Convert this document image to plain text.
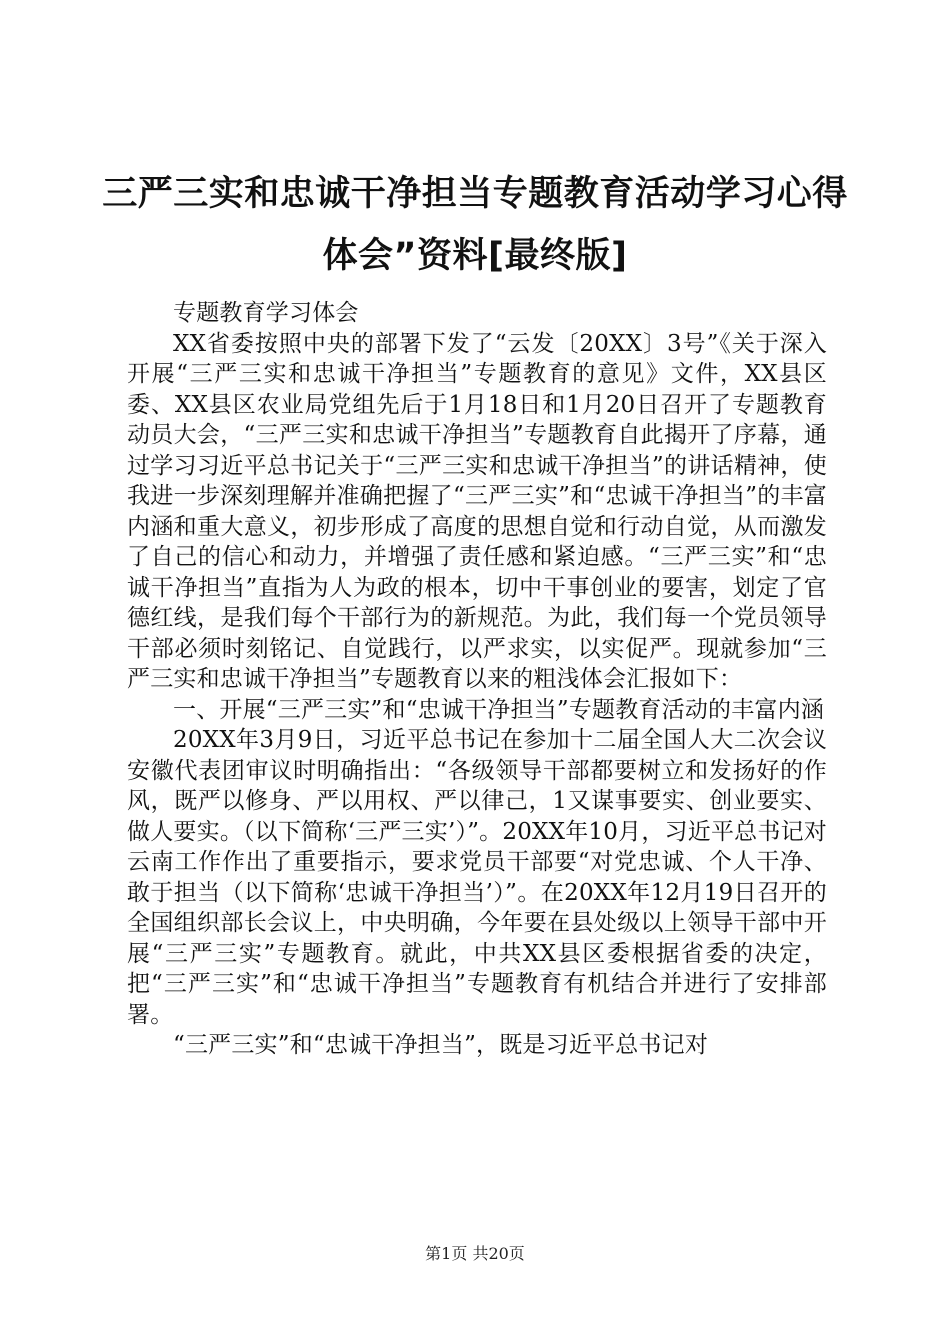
三严三实和忠诚干净担当专题教育活动学习心得体会”资料[最终版]

专题教育学习体会

XX省委按照中央的部署下发了“云发〔20XX〕3号”《关于深入开展“三严三实和忠诚干净担当”专题教育的意见》文件，XX县区委、XX县区农业局党组先后于1月18日和1月20日召开了专题教育动员大会，“三严三实和忠诚干净担当”专题教育自此揭开了序幕，通过学习习近平总书记关于“三严三实和忠诚干净担当”的讲话精神，使我进一步深刻理解并准确把握了“三严三实”和“忠诚干净担当”的丰富内涵和重大意义，初步形成了高度的思想自觉和行动自觉，从而激发了自己的信心和动力，并增强了责任感和紧迫感。“三严三实”和“忠诚干净担当”直指为人为政的根本，切中干事创业的要害，划定了官德红线，是我们每个干部行为的新规范。为此，我们每一个党员领导干部必须时刻铭记、自觉践行，以严求实，以实促严。现就参加“三严三实和忠诚干净担当”专题教育以来的粗浅体会汇报如下：

一、开展“三严三实”和“忠诚干净担当”专题教育活动的丰富内涵

20XX年3月9日，习近平总书记在参加十二届全国人大二次会议安徽代表团审议时明确指出：“各级领导干部都要树立和发扬好的作风，既严以修身、严以用权、严以律己，1又谋事要实、创业要实、做人要实。（以下简称‘三严三实’）”。20XX年10月，习近平总书记对云南工作作出了重要指示，要求党员干部要“对党忠诚、个人干净、敢于担当（以下简称‘忠诚干净担当’）”。在20XX年12月19日召开的全国组织部长会议上，中央明确，今年要在县处级以上领导干部中开展“三严三实”专题教育。就此，中共XX县区委根据省委的决定，把“三严三实”和“忠诚干净担当”专题教育有机结合并进行了安排部署。

“三严三实”和“忠诚干净担当”，既是习近平总书记对

第1页 共20页
